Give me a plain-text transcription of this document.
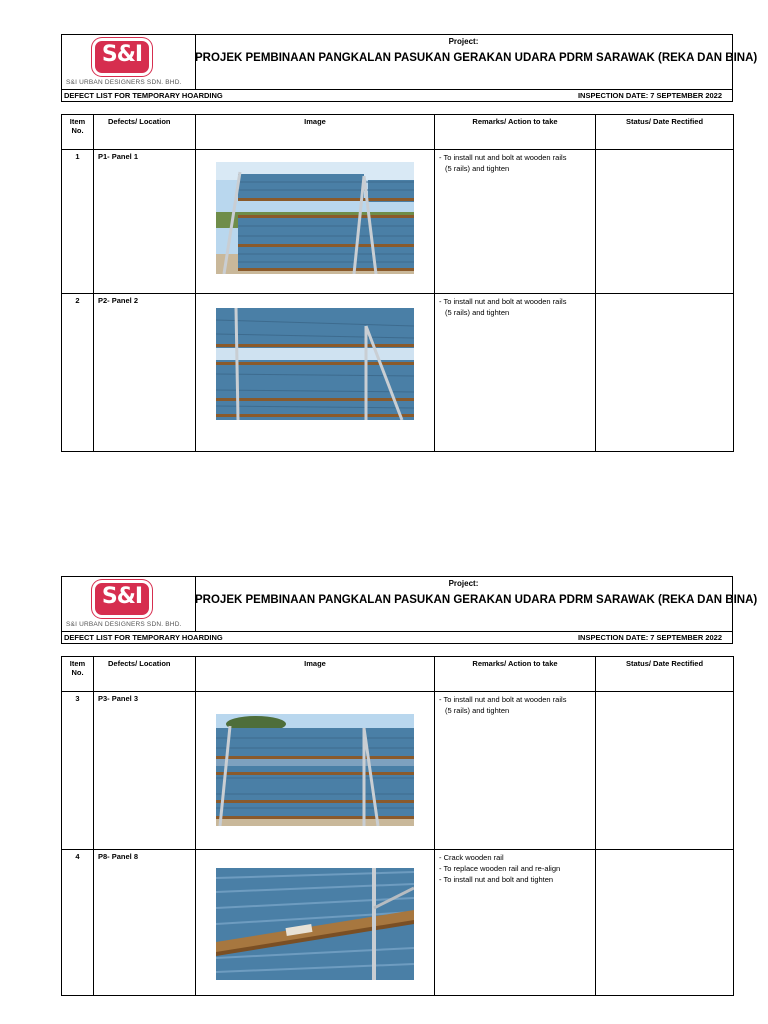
S&I
S&I URBAN DESIGNERS SDN. BHD.
Project:
PROJEK PEMBINAAN PANGKALAN PASUKAN GERAKAN UDARA PDRM SARAWAK (REKA DAN BINA)
DEFECT LIST FOR TEMPORARY HOARDING	INSPECTION DATE: 7 SEPTEMBER 2022
Item No.	Defects/ Location	Image	Remarks/ Action to take	Status/ Date Rectified
1	P1- Panel 1		- To install nut and bolt at wooden rails
(5 rails) and tighten	

2	P2- Panel 2		- To install nut and bolt at wooden rails
(5 rails) and tighten	

S&I
S&I URBAN DESIGNERS SDN. BHD.
Project:
PROJEK PEMBINAAN PANGKALAN PASUKAN GERAKAN UDARA PDRM SARAWAK (REKA DAN BINA)
DEFECT LIST FOR TEMPORARY HOARDING	INSPECTION DATE: 7 SEPTEMBER 2022
Item No.	Defects/ Location	Image	Remarks/ Action to take	Status/ Date Rectified
3	P3- Panel 3		- To install nut and bolt at wooden rails
(5 rails) and tighten	

4	P8- Panel 8		- Crack wooden rail
- To replace wooden rail and re-align
- To install nut and bolt and tighten	
